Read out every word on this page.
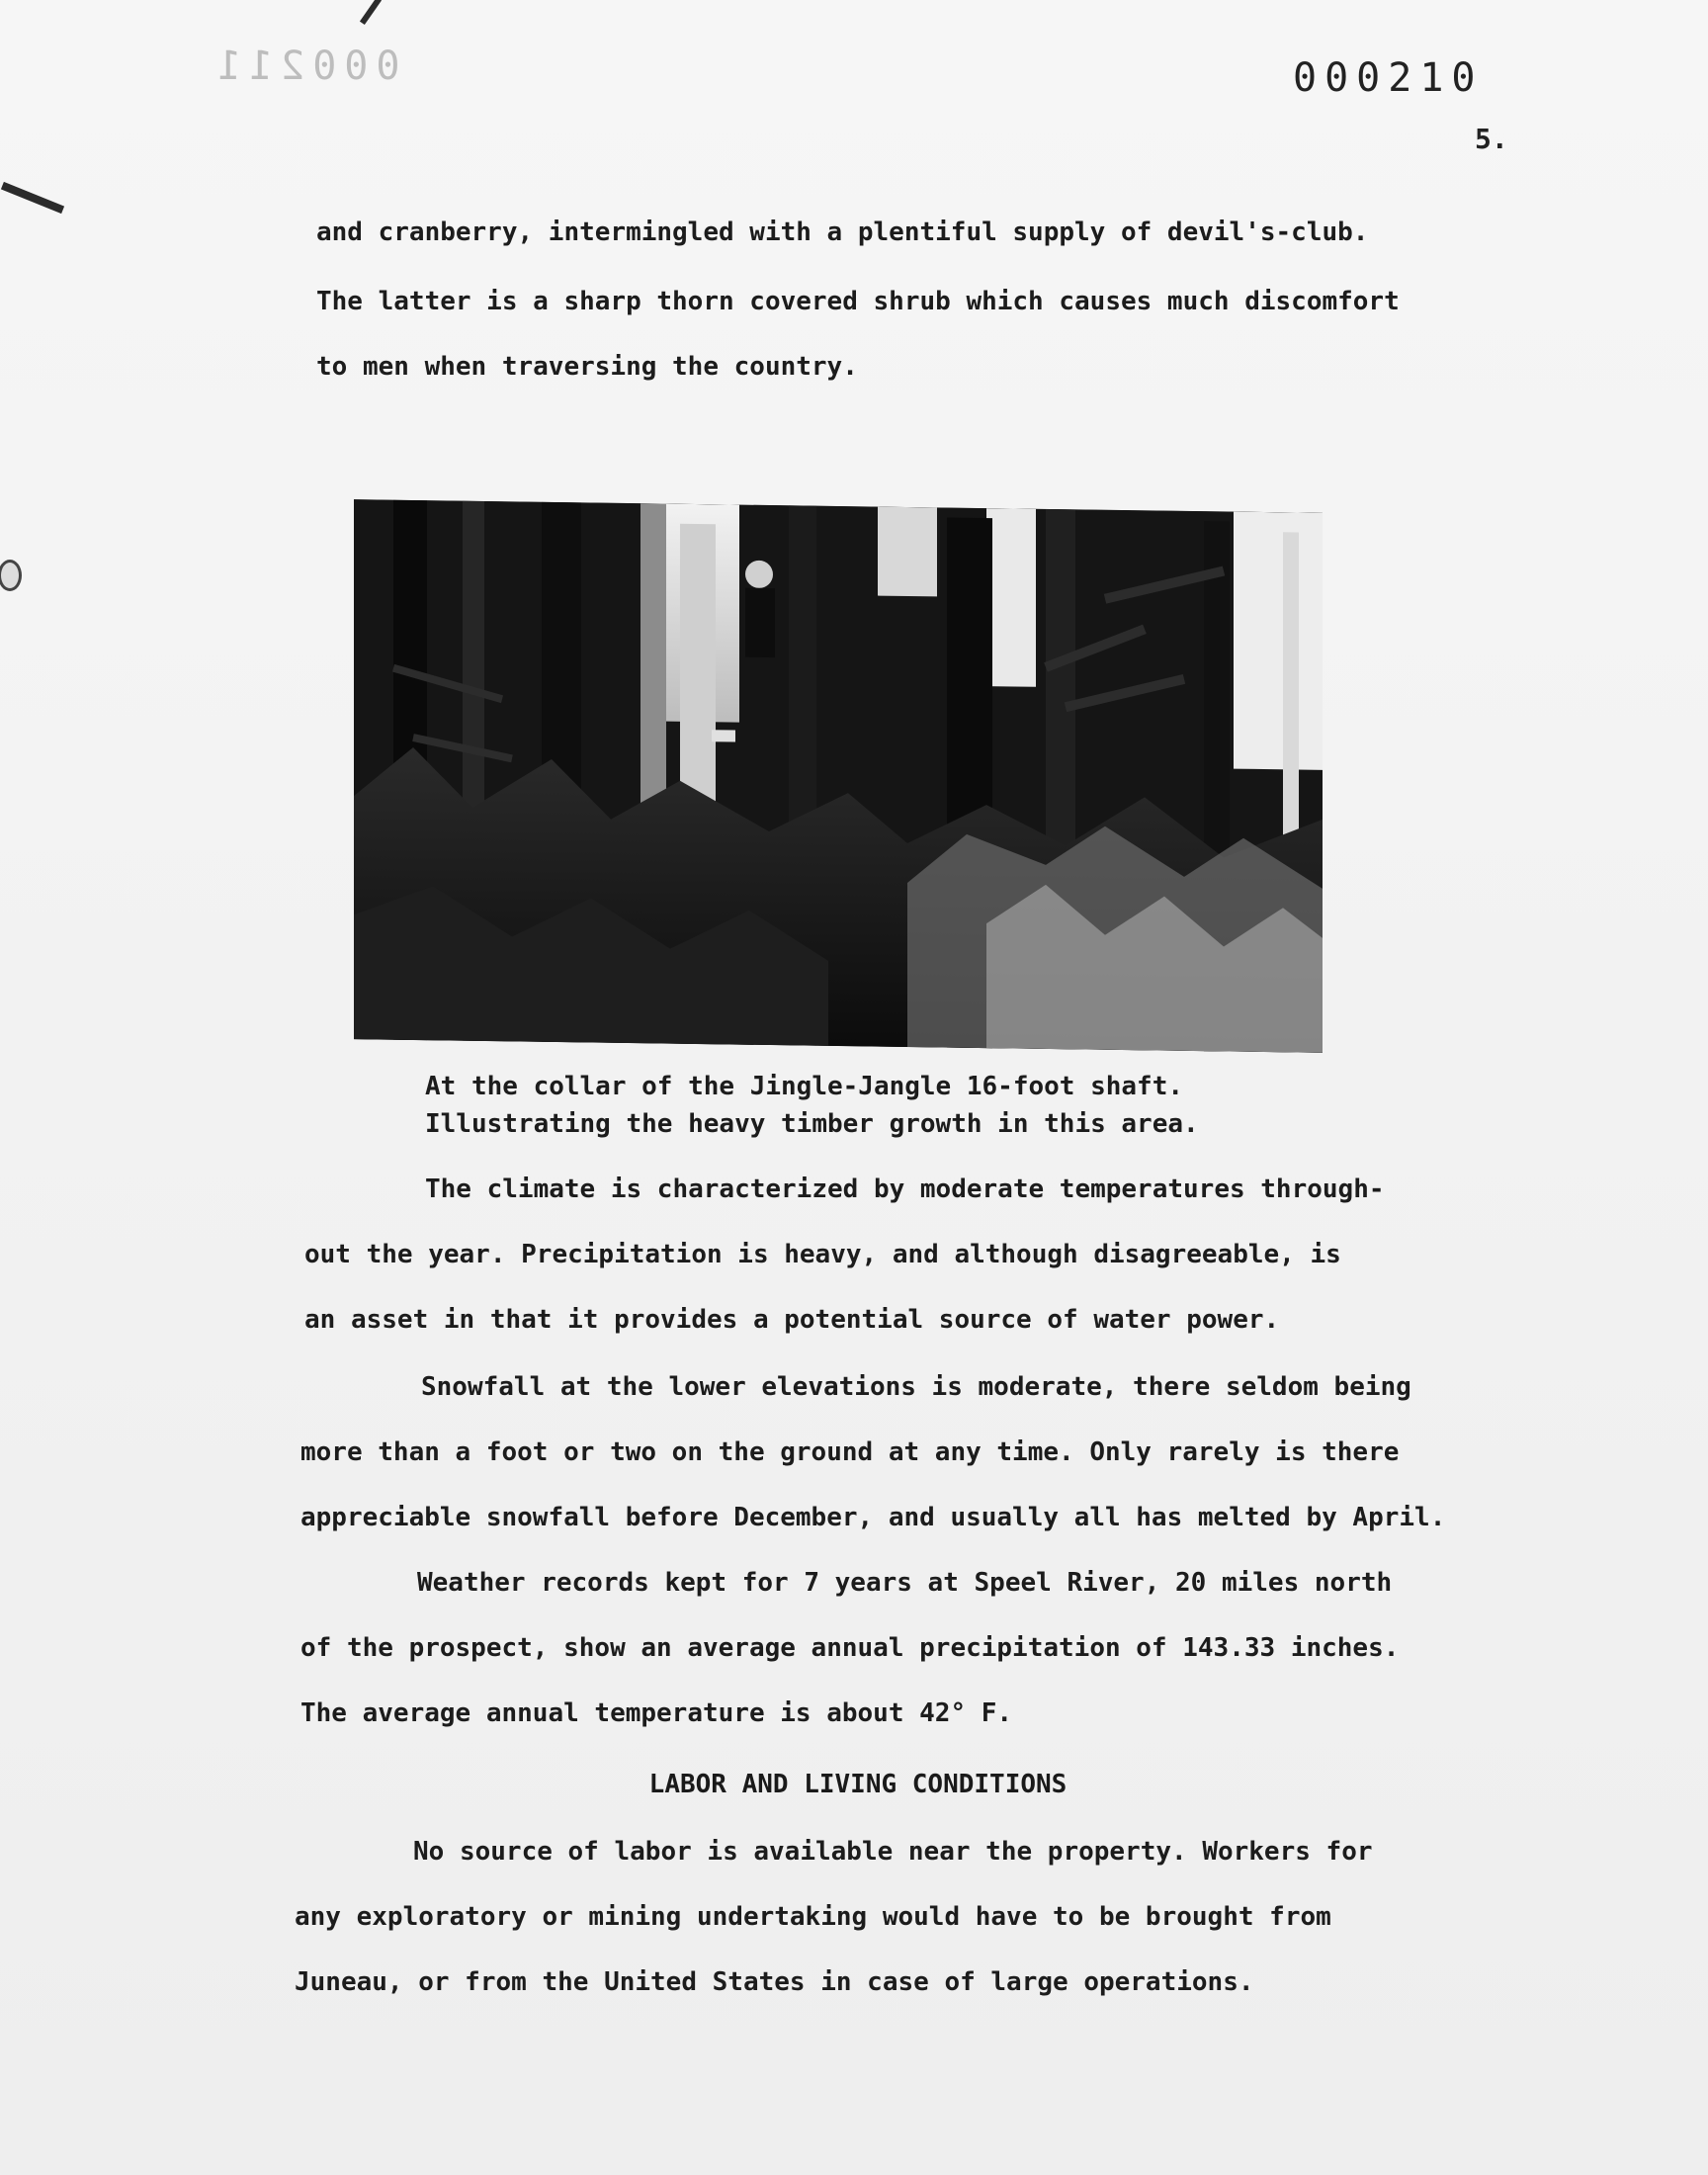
000211	000210
5.
and cranberry, intermingled with a plentiful supply of devil's-club.
The latter is a sharp thorn covered shrub which causes much discomfort
to men when traversing the country.
At the collar of the Jingle-Jangle 16-foot shaft.
Illustrating the heavy timber growth in this area.
The climate is characterized by moderate temperatures through-
out the year. Precipitation is heavy, and although disagreeable, is
an asset in that it provides a potential source of water power.
Snowfall at the lower elevations is moderate, there seldom being
more than a foot or two on the ground at any time. Only rarely is there
appreciable snowfall before December, and usually all has melted by April.
Weather records kept for 7 years at Speel River, 20 miles north
of the prospect, show an average annual precipitation of 143.33 inches.
The average annual temperature is about 42° F.
LABOR AND LIVING CONDITIONS
No source of labor is available near the property. Workers for
any exploratory or mining undertaking would have to be brought from
Juneau, or from the United States in case of large operations.
